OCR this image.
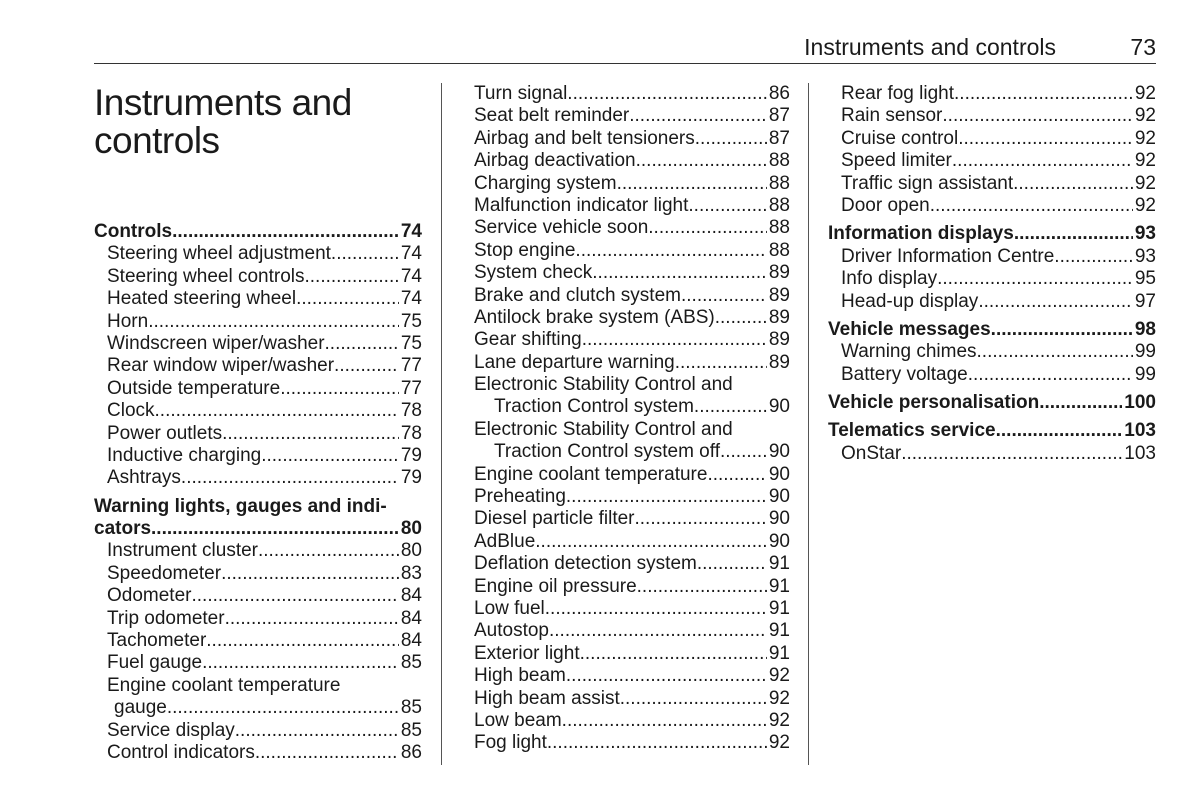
Instruments and controls	73
Instruments and controls
Controls .....	74
Steering wheel adjustment .....	74
Steering wheel controls .....	74
Heated steering wheel .....	74
Horn .....	75
Windscreen wiper/washer .....	75
Rear window wiper/washer .....	77
Outside temperature .....	77
Clock .....	78
Power outlets .....	78
Inductive charging .....	79
Ashtrays .....	79
Warning lights, gauges and indi-
cators .....	80
Instrument cluster .....	80
Speedometer .....	83
Odometer .....	84
Trip odometer .....	84
Tachometer .....	84
Fuel gauge .....	85
Engine coolant temperature
gauge .....	85
Service display .....	85
Control indicators .....	86
Turn signal .....	86
Seat belt reminder .....	87
Airbag and belt tensioners .....	87
Airbag deactivation .....	88
Charging system .....	88
Malfunction indicator light .....	88
Service vehicle soon .....	88
Stop engine .....	88
System check .....	89
Brake and clutch system .....	89
Antilock brake system (ABS) .....	89
Gear shifting .....	89
Lane departure warning .....	89
Electronic Stability Control and
Traction Control system .....	90
Electronic Stability Control and
Traction Control system off .....	90
Engine coolant temperature .....	90
Preheating .....	90
Diesel particle filter .....	90
AdBlue .....	90
Deflation detection system .....	91
Engine oil pressure .....	91
Low fuel .....	91
Autostop .....	91
Exterior light .....	91
High beam .....	92
High beam assist .....	92
Low beam .....	92
Fog light .....	92
Rear fog light .....	92
Rain sensor .....	92
Cruise control .....	92
Speed limiter .....	92
Traffic sign assistant .....	92
Door open .....	92
Information displays .....	93
Driver Information Centre .....	93
Info display .....	95
Head-up display .....	97
Vehicle messages .....	98
Warning chimes .....	99
Battery voltage .....	99
Vehicle personalisation .....	100
Telematics service .....	103
OnStar .....	103
